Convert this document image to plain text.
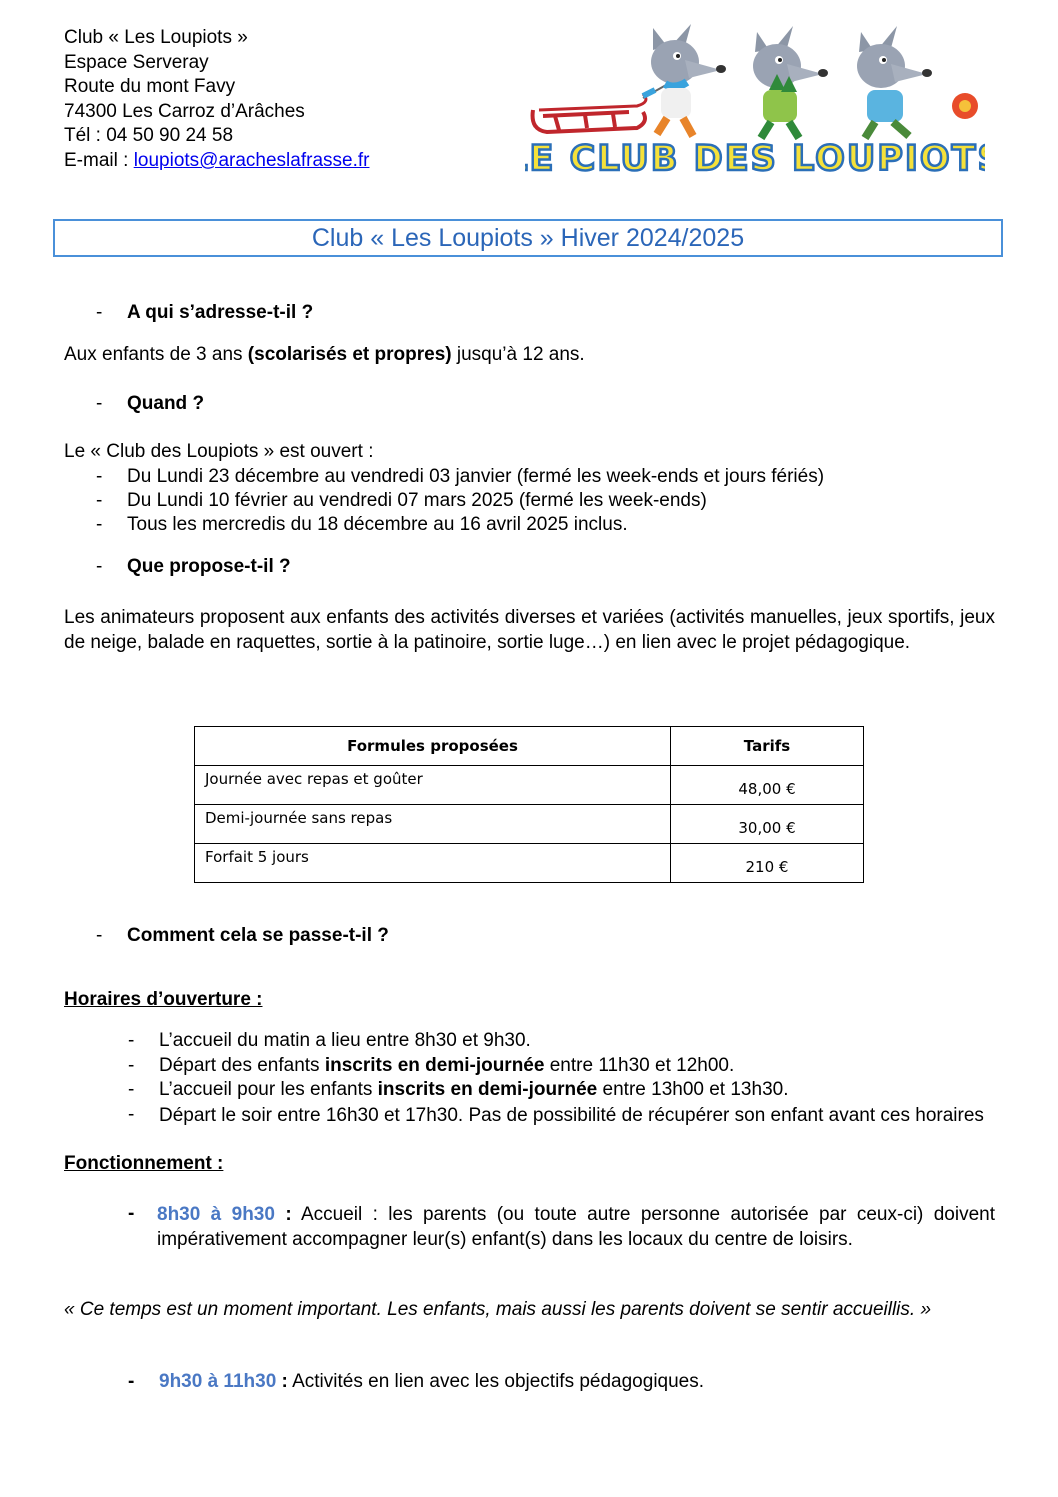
Club « Les Loupiots »
Espace Serveray
Route du mont Favy
74300 Les Carroz d’Arâches
Tél : 04 50 90 24 58
E-mail : loupiots@aracheslafrasse.fr	LE CLUB DES LOUPIOTS
Club « Les Loupiots » Hiver 2024/2025
- A qui s’adresse-t-il ?
Aux enfants de 3 ans (scolarisés et propres) jusqu’à 12 ans.
- Quand ?
Le « Club des Loupiots » est ouvert :
- Du Lundi 23 décembre au vendredi 03 janvier (fermé les week-ends et jours fériés)
- Du Lundi 10 février au vendredi 07 mars 2025 (fermé les week-ends)
- Tous les mercredis du 18 décembre au 16 avril 2025 inclus.
- Que propose-t-il ?
Les animateurs proposent aux enfants des activités diverses et variées (activités manuelles, jeux sportifs, jeux de neige, balade en raquettes, sortie à la patinoire, sortie luge…) en lien avec le projet pédagogique.
Formules proposées	Tarifs
Journée avec repas et goûter	48,00 €
Demi-journée sans repas	30,00 €
Forfait 5 jours	210 €
- Comment cela se passe-t-il ?
Horaires d’ouverture :
- L’accueil du matin a lieu entre 8h30 et 9h30.
- Départ des enfants inscrits en demi-journée entre 11h30 et 12h00.
- L’accueil pour les enfants inscrits en demi-journée entre 13h00 et 13h30.
- Départ le soir entre 16h30 et 17h30. Pas de possibilité de récupérer son enfant avant ces horaires
Fonctionnement :
- 8h30 à 9h30 : Accueil : les parents (ou toute autre personne autorisée par ceux-ci) doivent impérativement accompagner leur(s) enfant(s) dans les locaux du centre de loisirs.
« Ce temps est un moment important. Les enfants, mais aussi les parents doivent se sentir accueillis. »
- 9h30 à 11h30 : Activités en lien avec les objectifs pédagogiques.
